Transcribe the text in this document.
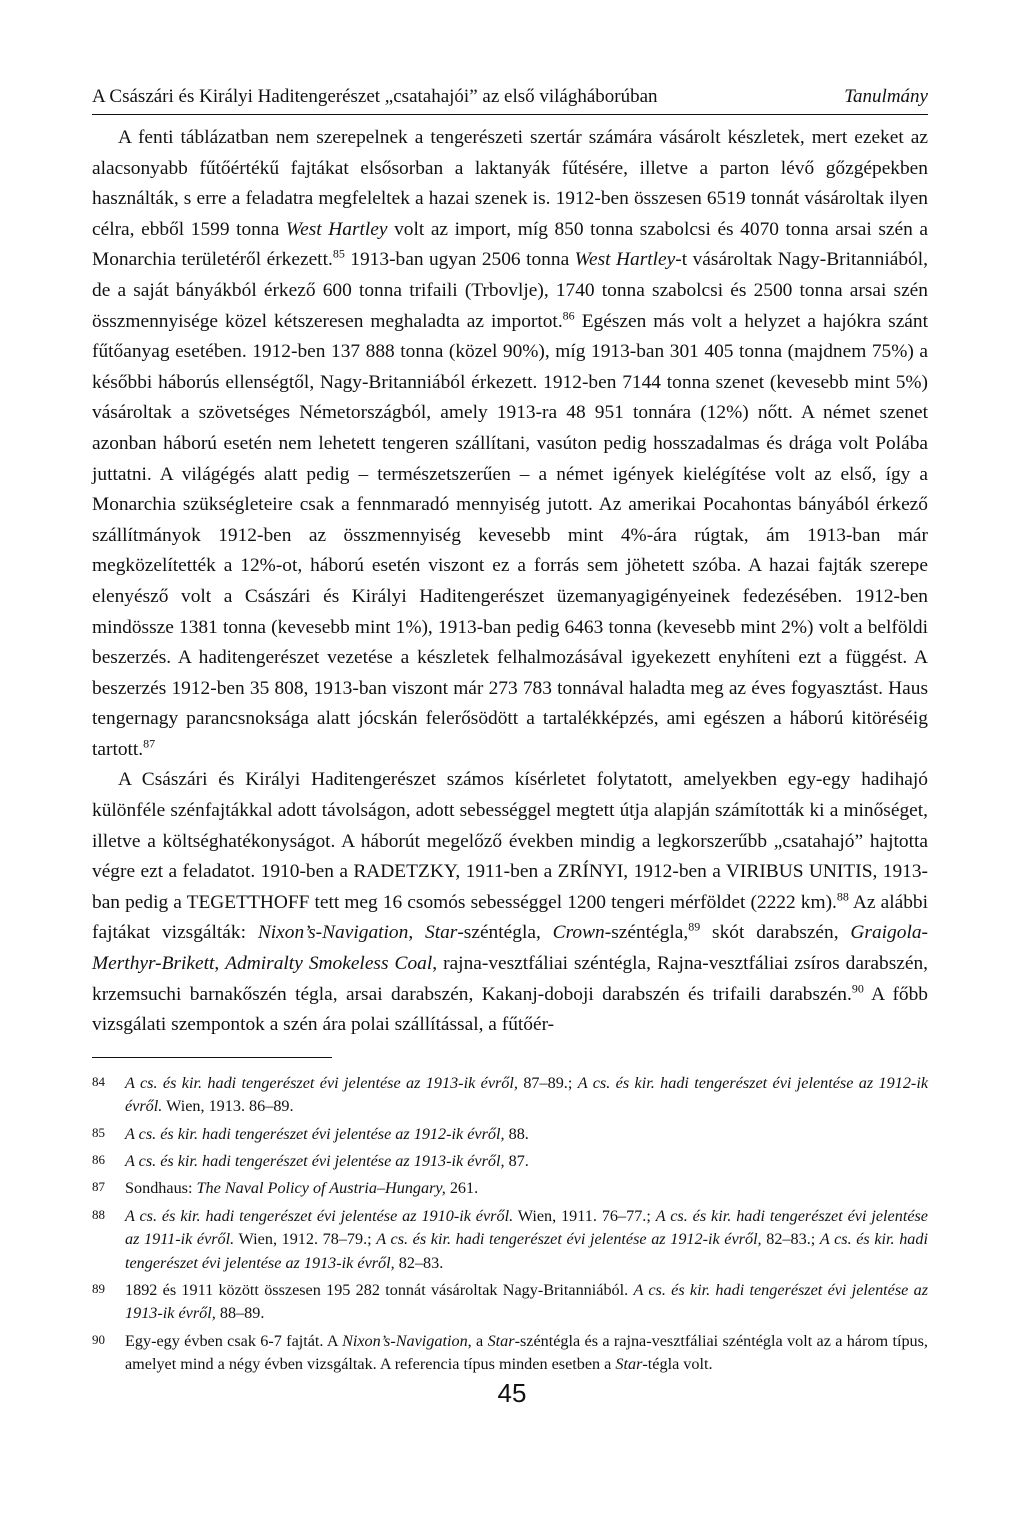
A Császári és Királyi Haditengerészet „csatahajói” az első világháborúban	Tanulmány

A fenti táblázatban nem szerepelnek a tengerészeti szertár számára vásárolt készletek, mert ezeket az alacsonyabb fűtőértékű fajtákat elsősorban a laktanyák fűtésére, illetve a parton lévő gőzgépekben használták, s erre a feladatra megfeleltek a hazai szenek is. 1912-ben összesen 6519 tonnát vásároltak ilyen célra, ebből 1599 tonna West Hartley volt az import, míg 850 tonna szabolcsi és 4070 tonna arsai szén a Monarchia területéről érkezett.$^{85}$ 1913-ban ugyan 2506 tonna West Hartley-t vásároltak Nagy-Britanniából, de a saját bányákból érkező 600 tonna trifaili (Trbovlje), 1740 tonna szabolcsi és 2500 tonna arsai szén összmennyisége közel kétszeresen meghaladta az importot.$^{86}$ Egészen más volt a helyzet a hajókra szánt fűtőanyag esetében. 1912-ben 137 888 tonna (közel 90%), míg 1913-ban 301 405 tonna (majdnem 75%) a későbbi háborús ellenségtől, Nagy-Britanniából érkezett. 1912-ben 7144 tonna szenet (kevesebb mint 5%) vásároltak a szövetséges Németországból, amely 1913-ra 48 951 tonnára (12%) nőtt. A német szenet azonban háború esetén nem lehetett tengeren szállítani, vasúton pedig hosszadalmas és drága volt Polába juttatni. A világégés alatt pedig – természetszerűen – a német igények kielégítése volt az első, így a Monarchia szükségleteire csak a fennmaradó mennyiség jutott. Az amerikai Pocahontas bányából érkező szállítmányok 1912-ben az összmennyiség kevesebb mint 4%-ára rúgtak, ám 1913-ban már megközelítették a 12%-ot, háború esetén viszont ez a forrás sem jöhetett szóba. A hazai fajták szerepe elenyésző volt a Császári és Királyi Haditengerészet üzemanyagigényeinek fedezésében. 1912-ben mindössze 1381 tonna (kevesebb mint 1%), 1913-ban pedig 6463 tonna (kevesebb mint 2%) volt a belföldi beszerzés. A haditengerészet vezetése a készletek felhalmozásával igyekezett enyhíteni ezt a függést. A beszerzés 1912-ben 35 808, 1913-ban viszont már 273 783 tonnával haladta meg az éves fogyasztást. Haus tengernagy parancsnoksága alatt jócskán felerősödött a tartalékképzés, ami egészen a háború kitöréséig tartott.$^{87}$

A Császári és Királyi Haditengerészet számos kísérletet folytatott, amelyekben egy-egy hadihajó különféle szénfajtákkal adott távolságon, adott sebességgel megtett útja alapján számították ki a minőséget, illetve a költséghatékonyságot. A háborút megelőző években mindig a legkorszerűbb „csatahajó” hajtotta végre ezt a feladatot. 1910-ben a RADETZKY, 1911-ben a ZRÍNYI, 1912-ben a VIRIBUS UNITIS, 1913-ban pedig a TEGETTHOFF tett meg 16 csomós sebességgel 1200 tengeri mérföldet (2222 km).$^{88}$ Az alábbi fajtákat vizsgálták: Nixon’s-Navigation, Star-széntégla, Crown-széntégla,$^{89}$ skót darabszén, Graigola-Merthyr-Brikett, Admiralty Smokeless Coal, rajna-vesztfáliai széntégla, Rajna-vesztfáliai zsíros darabszén, krzemsuchi barnakőszén tégla, arsai darabszén, Kakanj-doboji darabszén és trifaili darabszén.$^{90}$ A főbb vizsgálati szempontok a szén ára polai szállítással, a fűtőér-

84	A cs. és kir. hadi tengerészet évi jelentése az 1913-ik évről, 87–89.; A cs. és kir. hadi tengerészet évi jelentése az 1912-ik évről. Wien, 1913. 86–89.
85	A cs. és kir. hadi tengerészet évi jelentése az 1912-ik évről, 88.
86	A cs. és kir. hadi tengerészet évi jelentése az 1913-ik évről, 87.
87	Sondhaus: The Naval Policy of Austria–Hungary, 261.
88	A cs. és kir. hadi tengerészet évi jelentése az 1910-ik évről. Wien, 1911. 76–77.; A cs. és kir. hadi tengerészet évi jelentése az 1911-ik évről. Wien, 1912. 78–79.; A cs. és kir. hadi tengerészet évi jelentése az 1912-ik évről, 82–83.; A cs. és kir. hadi tengerészet évi jelentése az 1913-ik évről, 82–83.
89	1892 és 1911 között összesen 195 282 tonnát vásároltak Nagy-Britanniából. A cs. és kir. hadi tengerészet évi jelentése az 1913-ik évről, 88–89.
90	Egy-egy évben csak 6-7 fajtát. A Nixon’s-Navigation, a Star-széntégla és a rajna-vesztfáliai széntégla volt az a három típus, amelyet mind a négy évben vizsgáltak. A referencia típus minden esetben a Star-tégla volt.
45
